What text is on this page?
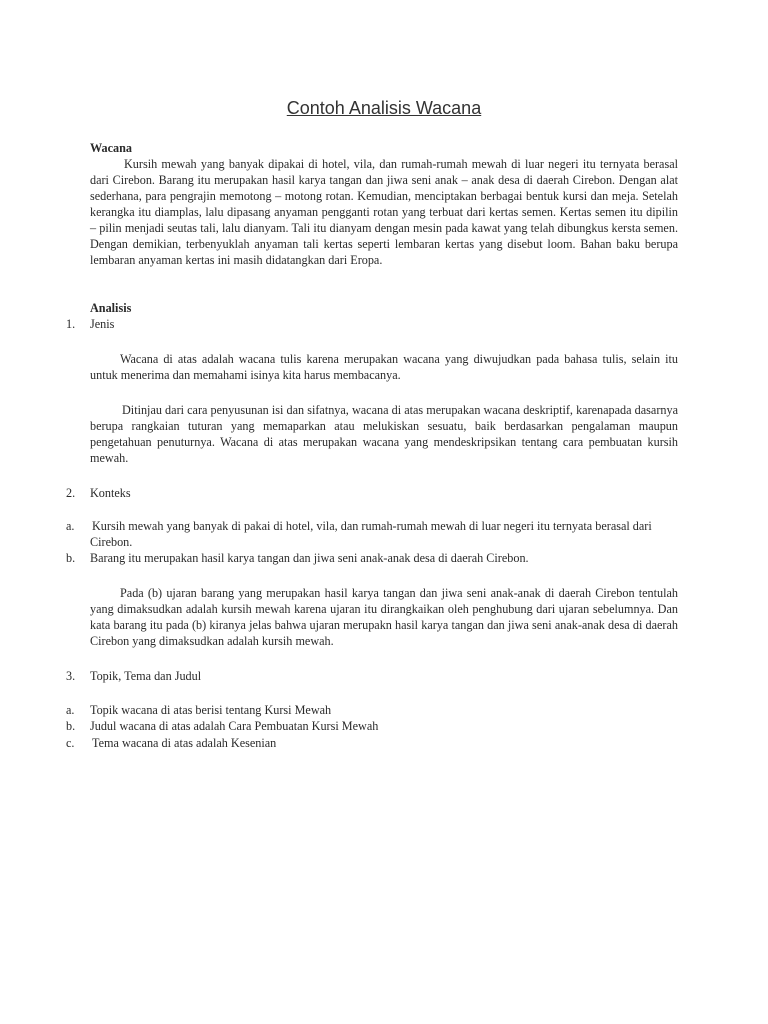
Contoh Analisis Wacana
Wacana

Kursih mewah yang banyak dipakai di hotel, vila, dan rumah-rumah mewah di luar negeri itu ternyata berasal dari Cirebon. Barang itu merupakan hasil karya tangan dan jiwa seni anak – anak desa di daerah Cirebon. Dengan alat sederhana, para pengrajin memotong – motong rotan. Kemudian, menciptakan berbagai bentuk kursi dan meja. Setelah kerangka itu diamplas, lalu dipasang anyaman pengganti rotan yang terbuat dari kertas semen. Kertas semen itu dipilin – pilin menjadi seutas tali, lalu dianyam. Tali itu dianyam dengan mesin pada kawat yang telah dibungkus kersta semen. Dengan demikian, terbenyuklah anyaman tali kertas seperti lembaran kertas yang disebut loom. Bahan baku berupa lembaran anyaman kertas ini masih didatangkan dari Eropa.

Analisis
1. Jenis

Wacana di atas adalah wacana tulis karena merupakan wacana yang diwujudkan pada bahasa tulis, selain itu untuk menerima dan memahami isinya kita harus membacanya.

Ditinjau dari cara penyusunan isi dan sifatnya, wacana di atas merupakan wacana deskriptif, karenapada dasarnya berupa rangkaian tuturan yang memaparkan atau melukiskan sesuatu, baik berdasarkan pengalaman maupun pengetahuan penuturnya. Wacana di atas merupakan wacana yang mendeskripsikan tentang cara pembuatan kursih mewah.

2. Konteks
a. Kursih mewah yang banyak di pakai di hotel, vila, dan rumah-rumah mewah di luar negeri itu ternyata berasal dari Cirebon.
b. Barang itu merupakan hasil karya tangan dan jiwa seni anak-anak desa di daerah Cirebon.

Pada (b) ujaran barang yang merupakan hasil karya tangan dan jiwa seni anak-anak di daerah Cirebon tentulah yang dimaksudkan adalah kursih mewah karena ujaran itu dirangkaikan oleh penghubung dari ujaran sebelumnya. Dan kata barang itu pada (b) kiranya jelas bahwa ujaran merupakn hasil karya tangan dan jiwa seni anak-anak desa di daerah Cirebon yang dimaksudkan adalah kursih mewah.

3. Topik, Tema dan Judul
a. Topik wacana di atas berisi tentang Kursi Mewah
b. Judul wacana di atas adalah Cara Pembuatan Kursi Mewah
c. Tema wacana di atas adalah Kesenian
